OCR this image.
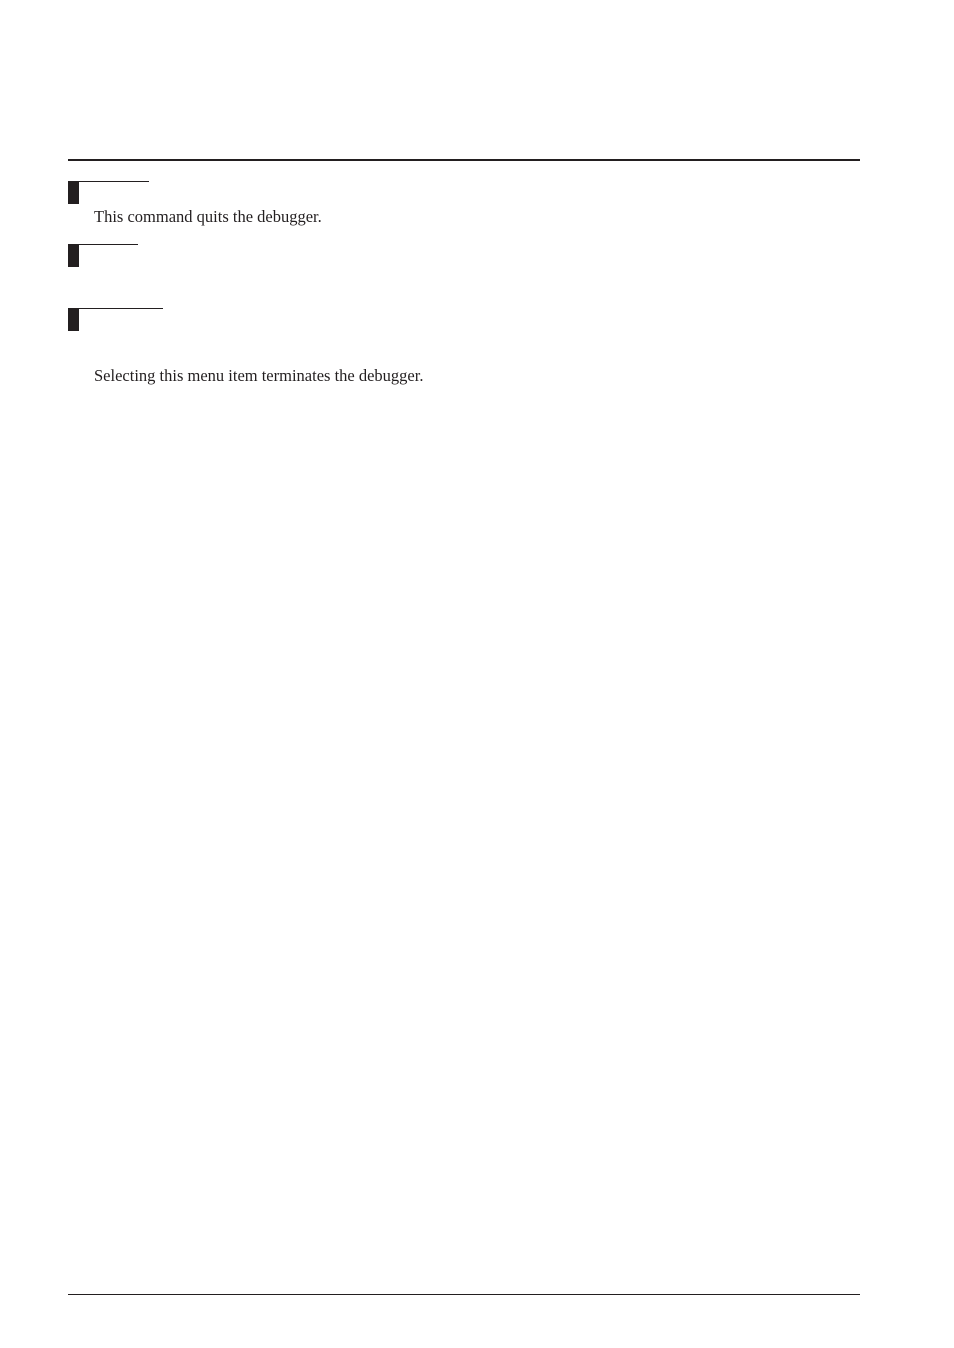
This command quits the debugger.
Selecting this menu item terminates the debugger.
